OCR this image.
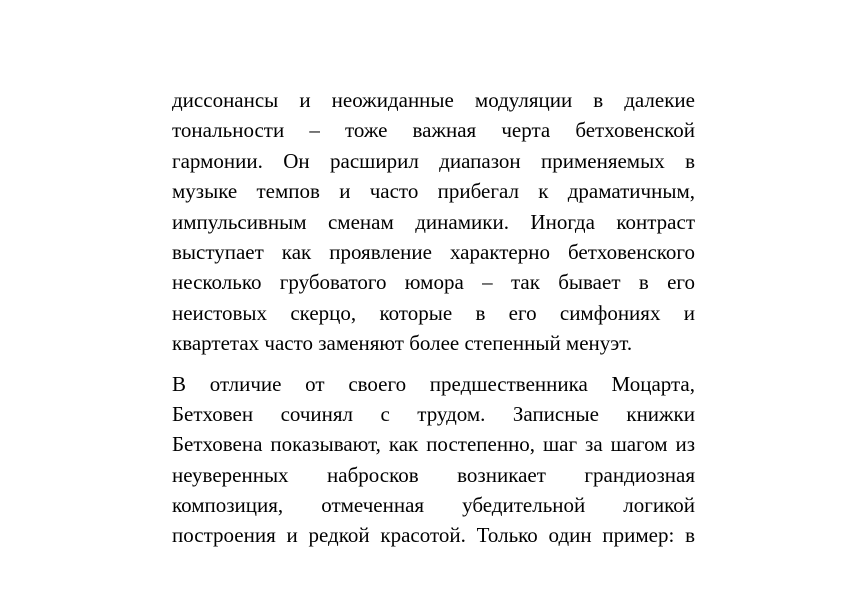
диссонансы и неожиданные модуляции в далекие
тональности – тоже важная черта бетховенской
гармонии. Он расширил диапазон применяемых в
музыке темпов и часто прибегал к драматичным,
импульсивным сменам динамики. Иногда контраст
выступает как проявление характерно бетховенского
несколько грубоватого юмора – так бывает в его
неистовых скерцо, которые в его симфониях и
квартетах часто заменяют более степенный менуэт.

В отличие от своего предшественника Моцарта,
Бетховен сочинял с трудом. Записные книжки
Бетховена показывают, как постепенно, шаг за шагом из
неуверенных набросков возникает грандиозная
композиция, отмеченная убедительной логикой
построения и редкой красотой. Только один пример: в
